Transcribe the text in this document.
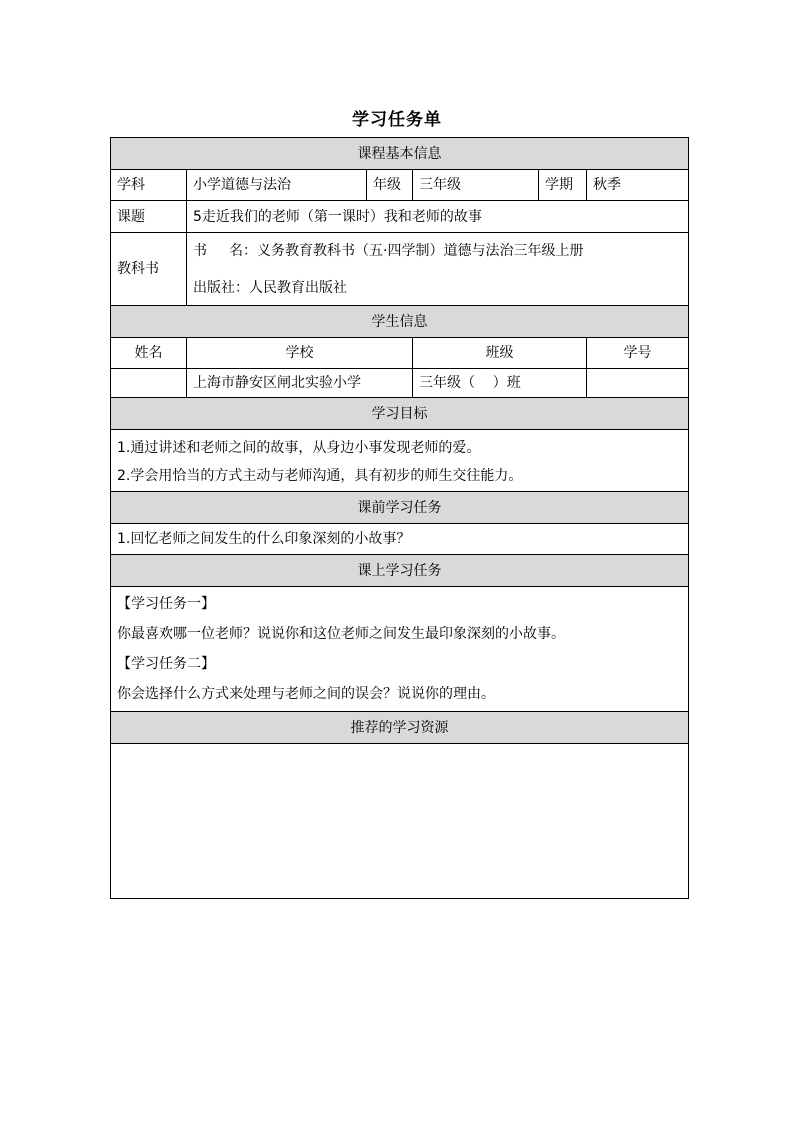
学习任务单
课程基本信息					
学科	小学道德与法治	年级	三年级	学期	秋季
课题	5走近我们的老师（第一课时）我和老师的故事				
教科书	书 名：义务教育教科书（五·四学制）道德与法治三年级上册
出版社：人民教育出版社				

学生信息					
姓名	学校		班级		学号
	上海市静安区闸北实验小学		三年级（    ）班		
学习目标					

1.通过讲述和老师之间的故事，从身边小事发现老师的爱。
2.学会用恰当的方式主动与老师沟通，具有初步的师生交往能力。					

课前学习任务					
1.回忆老师之间发生的什么印象深刻的小故事？					
课上学习任务					

【学习任务一】
你最喜欢哪一位老师？说说你和这位老师之间发生最印象深刻的小故事。
【学习任务二】
你会选择什么方式来处理与老师之间的误会？说说你的理由。					

推荐的学习资源					
